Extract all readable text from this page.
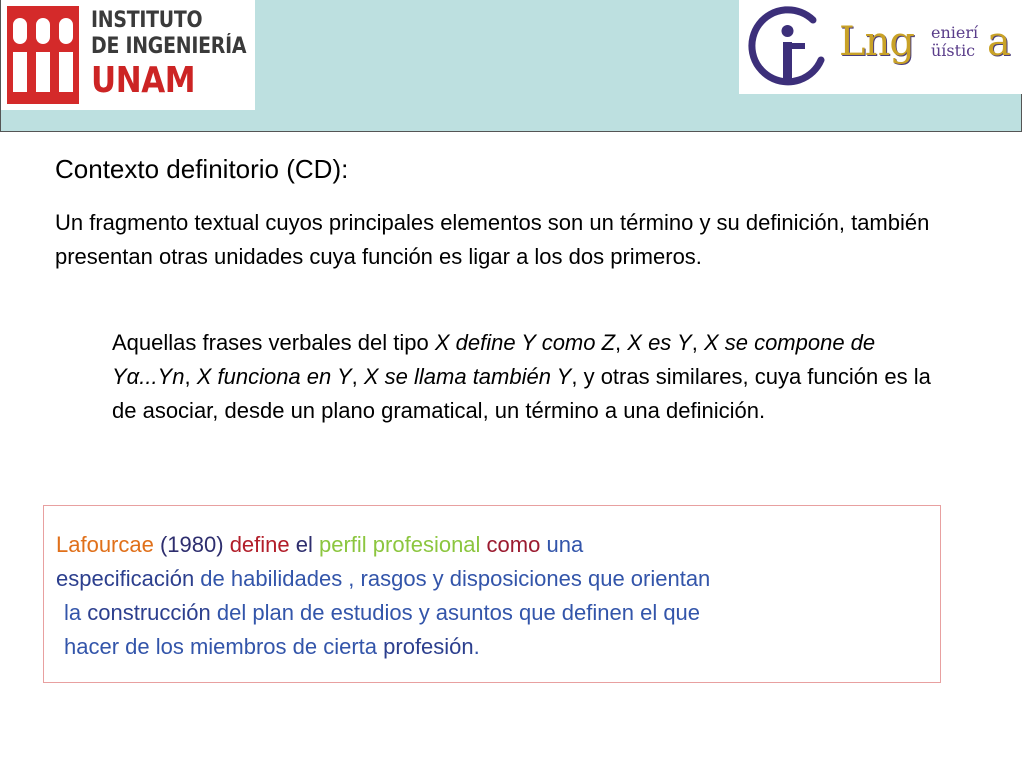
INSTITUTO
DE INGENIERÍA
UNAM
Lng enierí
üístic a
Contexto definitorio (CD):
Un fragmento textual cuyos principales elementos son un término y su definición, también presentan otras unidades cuya función es ligar a los dos primeros.
Aquellas frases verbales del tipo X define Y como Z, X es Y, X se compone de Yα...Yn, X funciona en Y, X se llama también Y, y otras similares, cuya función es la de asociar, desde un plano gramatical, un término a una definición.
Lafourcae (1980) define el perfil profesional como una
especificación de habilidades , rasgos y disposiciones que orientan
la construcción del plan de estudios y asuntos que definen el que
hacer de los miembros de cierta profesión.
